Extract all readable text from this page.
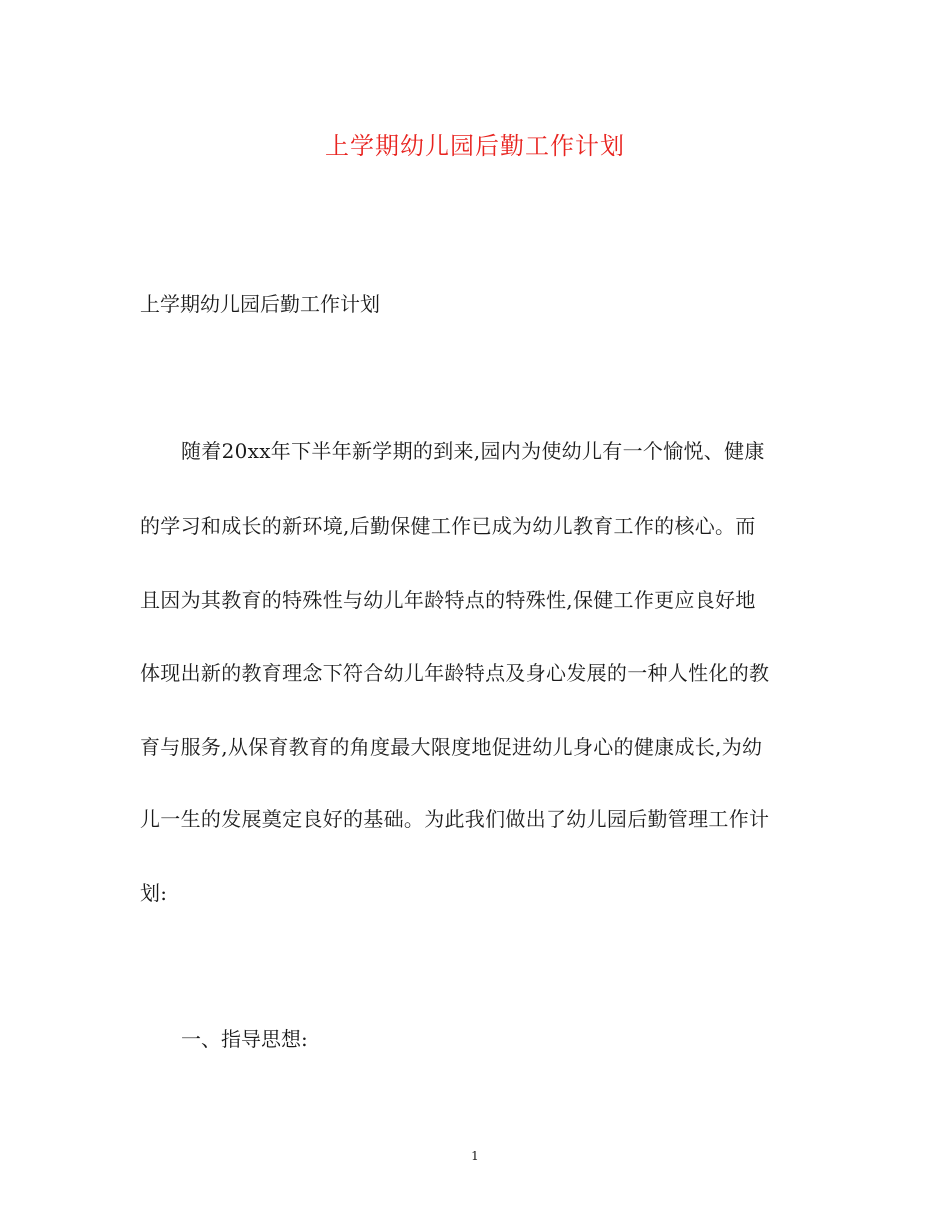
上学期幼儿园后勤工作计划
上学期幼儿园后勤工作计划
随着20xx年下半年新学期的到来,园内为使幼儿有一个愉悦、健康
的学习和成长的新环境,后勤保健工作已成为幼儿教育工作的核心。而
且因为其教育的特殊性与幼儿年龄特点的特殊性,保健工作更应良好地
体现出新的教育理念下符合幼儿年龄特点及身心发展的一种人性化的教
育与服务,从保育教育的角度最大限度地促进幼儿身心的健康成长,为幼
儿一生的发展奠定良好的基础。为此我们做出了幼儿园后勤管理工作计
划:
一、指导思想:
1
